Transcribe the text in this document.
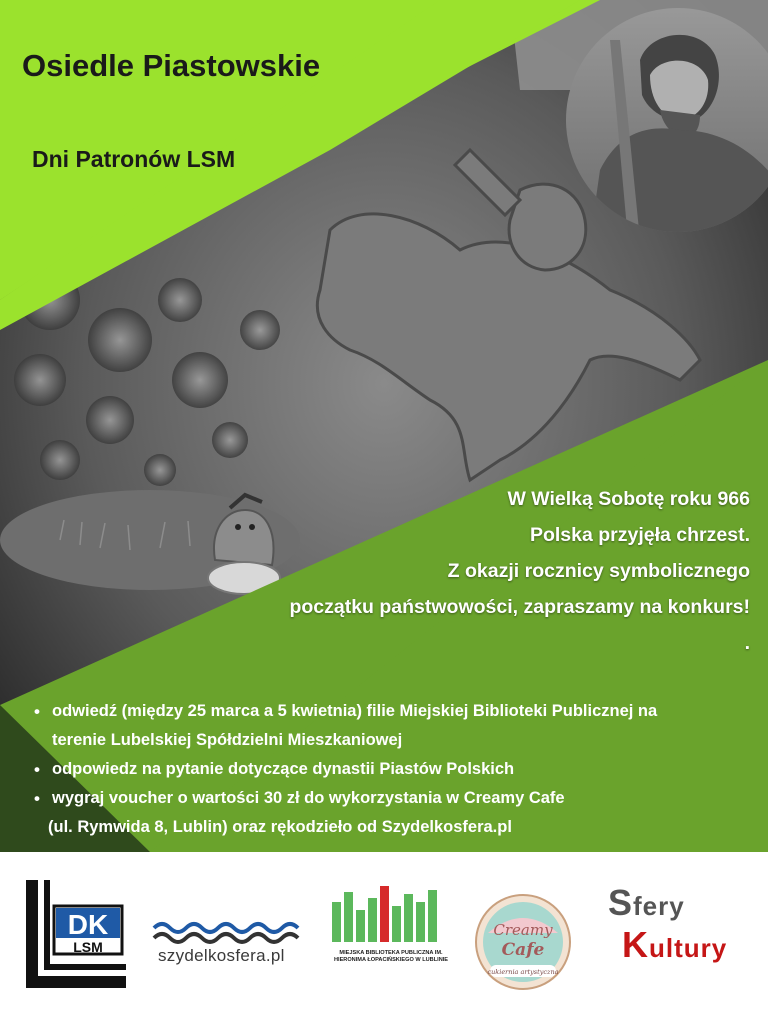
Osiedle Piastowskie
Dni Patronów LSM
W Wielką Sobotę roku 966
Polska przyjęła chrzest.
Z okazji rocznicy symbolicznego
początku państwowości, zapraszamy na konkurs!
.
• odwiedź (między 25 marca a 5 kwietnia) filie Miejskiej Biblioteki Publicznej na
terenie Lubelskiej Spółdzielni Mieszkaniowej
• odpowiedz na pytanie dotyczące dynastii Piastów Polskich
• wygraj voucher o wartości 30 zł do wykorzystania w Creamy Cafe
(ul. Rymwida 8, Lublin) oraz rękodzieło od Szydelkosfera.pl
DK
LSM	szydelkosfera.pl	MIEJSKA BIBLIOTEKA PUBLICZNA IM. HIERONIMA ŁOPACIŃSKIEGO W LUBLINIE
Creamy
Cafe
cukiernia artystyczna
Sfery
Kultury
